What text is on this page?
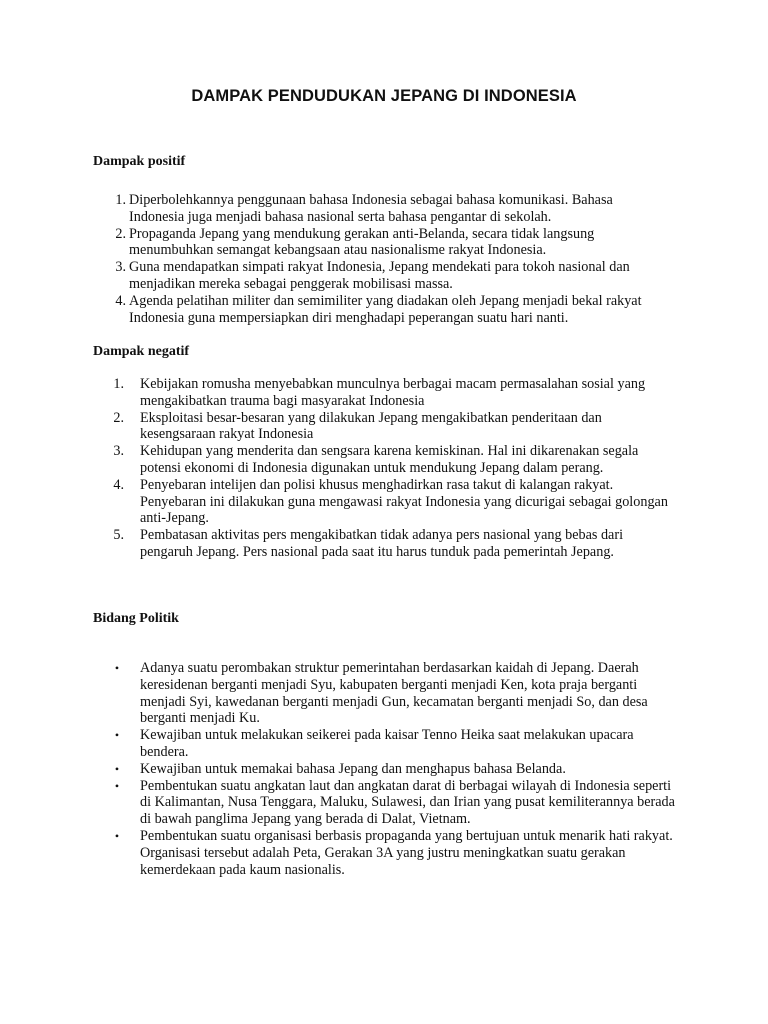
DAMPAK PENDUDUKAN JEPANG DI INDONESIA
Dampak positif
1. Diperbolehkannya penggunaan bahasa Indonesia sebagai bahasa komunikasi. Bahasa Indonesia juga menjadi bahasa nasional serta bahasa pengantar di sekolah.
2. Propaganda Jepang yang mendukung gerakan anti-Belanda, secara tidak langsung menumbuhkan semangat kebangsaan atau nasionalisme rakyat Indonesia.
3. Guna mendapatkan simpati rakyat Indonesia, Jepang mendekati para tokoh nasional dan menjadikan mereka sebagai penggerak mobilisasi massa.
4. Agenda pelatihan militer dan semimiliter yang diadakan oleh Jepang menjadi bekal rakyat Indonesia guna mempersiapkan diri menghadapi peperangan suatu hari nanti.
Dampak negatif
1. Kebijakan romusha menyebabkan munculnya berbagai macam permasalahan sosial yang mengakibatkan trauma bagi masyarakat Indonesia
2. Eksploitasi besar-besaran yang dilakukan Jepang mengakibatkan penderitaan dan kesengsaraan rakyat Indonesia
3. Kehidupan yang menderita dan sengsara karena kemiskinan. Hal ini dikarenakan segala potensi ekonomi di Indonesia digunakan untuk mendukung Jepang dalam perang.
4. Penyebaran intelijen dan polisi khusus menghadirkan rasa takut di kalangan rakyat. Penyebaran ini dilakukan guna mengawasi rakyat Indonesia yang dicurigai sebagai golongan anti-Jepang.
5. Pembatasan aktivitas pers mengakibatkan tidak adanya pers nasional yang bebas dari pengaruh Jepang. Pers nasional pada saat itu harus tunduk pada pemerintah Jepang.
Bidang Politik
•	Adanya suatu perombakan struktur pemerintahan berdasarkan kaidah di Jepang. Daerah keresidenan berganti menjadi Syu, kabupaten berganti menjadi Ken, kota praja berganti menjadi Syi, kawedanan berganti menjadi Gun, kecamatan berganti menjadi So, dan desa berganti menjadi Ku.
•	Kewajiban untuk melakukan seikerei pada kaisar Tenno Heika saat melakukan upacara bendera.
•	Kewajiban untuk memakai bahasa Jepang dan menghapus bahasa Belanda.
•	Pembentukan suatu angkatan laut dan angkatan darat di berbagai wilayah di Indonesia seperti di Kalimantan, Nusa Tenggara, Maluku, Sulawesi, dan Irian yang pusat kemiliterannya berada di bawah panglima Jepang yang berada di Dalat, Vietnam.
•	Pembentukan suatu organisasi berbasis propaganda yang bertujuan untuk menarik hati rakyat. Organisasi tersebut adalah Peta, Gerakan 3A yang justru meningkatkan suatu gerakan kemerdekaan pada kaum nasionalis.
